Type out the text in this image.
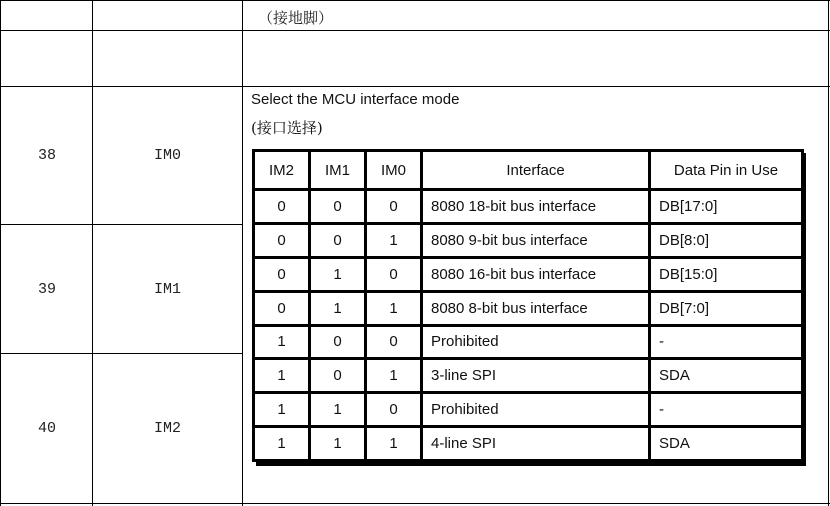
（接地脚）
38	IM0
39	IM1
40	IM2
Select the MCU interface mode
(接口选择)
IM2	IM1	IM0	Interface	Data Pin in Use
0	0	0	8080 18-bit bus interface	DB[17:0]
0	0	1	8080 9-bit bus interface	DB[8:0]
0	1	0	8080 16-bit bus interface	DB[15:0]
0	1	1	8080 8-bit bus interface	DB[7:0]
1	0	0	Prohibited	-
1	0	1	3-line SPI	SDA
1	1	0	Prohibited	-
1	1	1	4-line SPI	SDA
